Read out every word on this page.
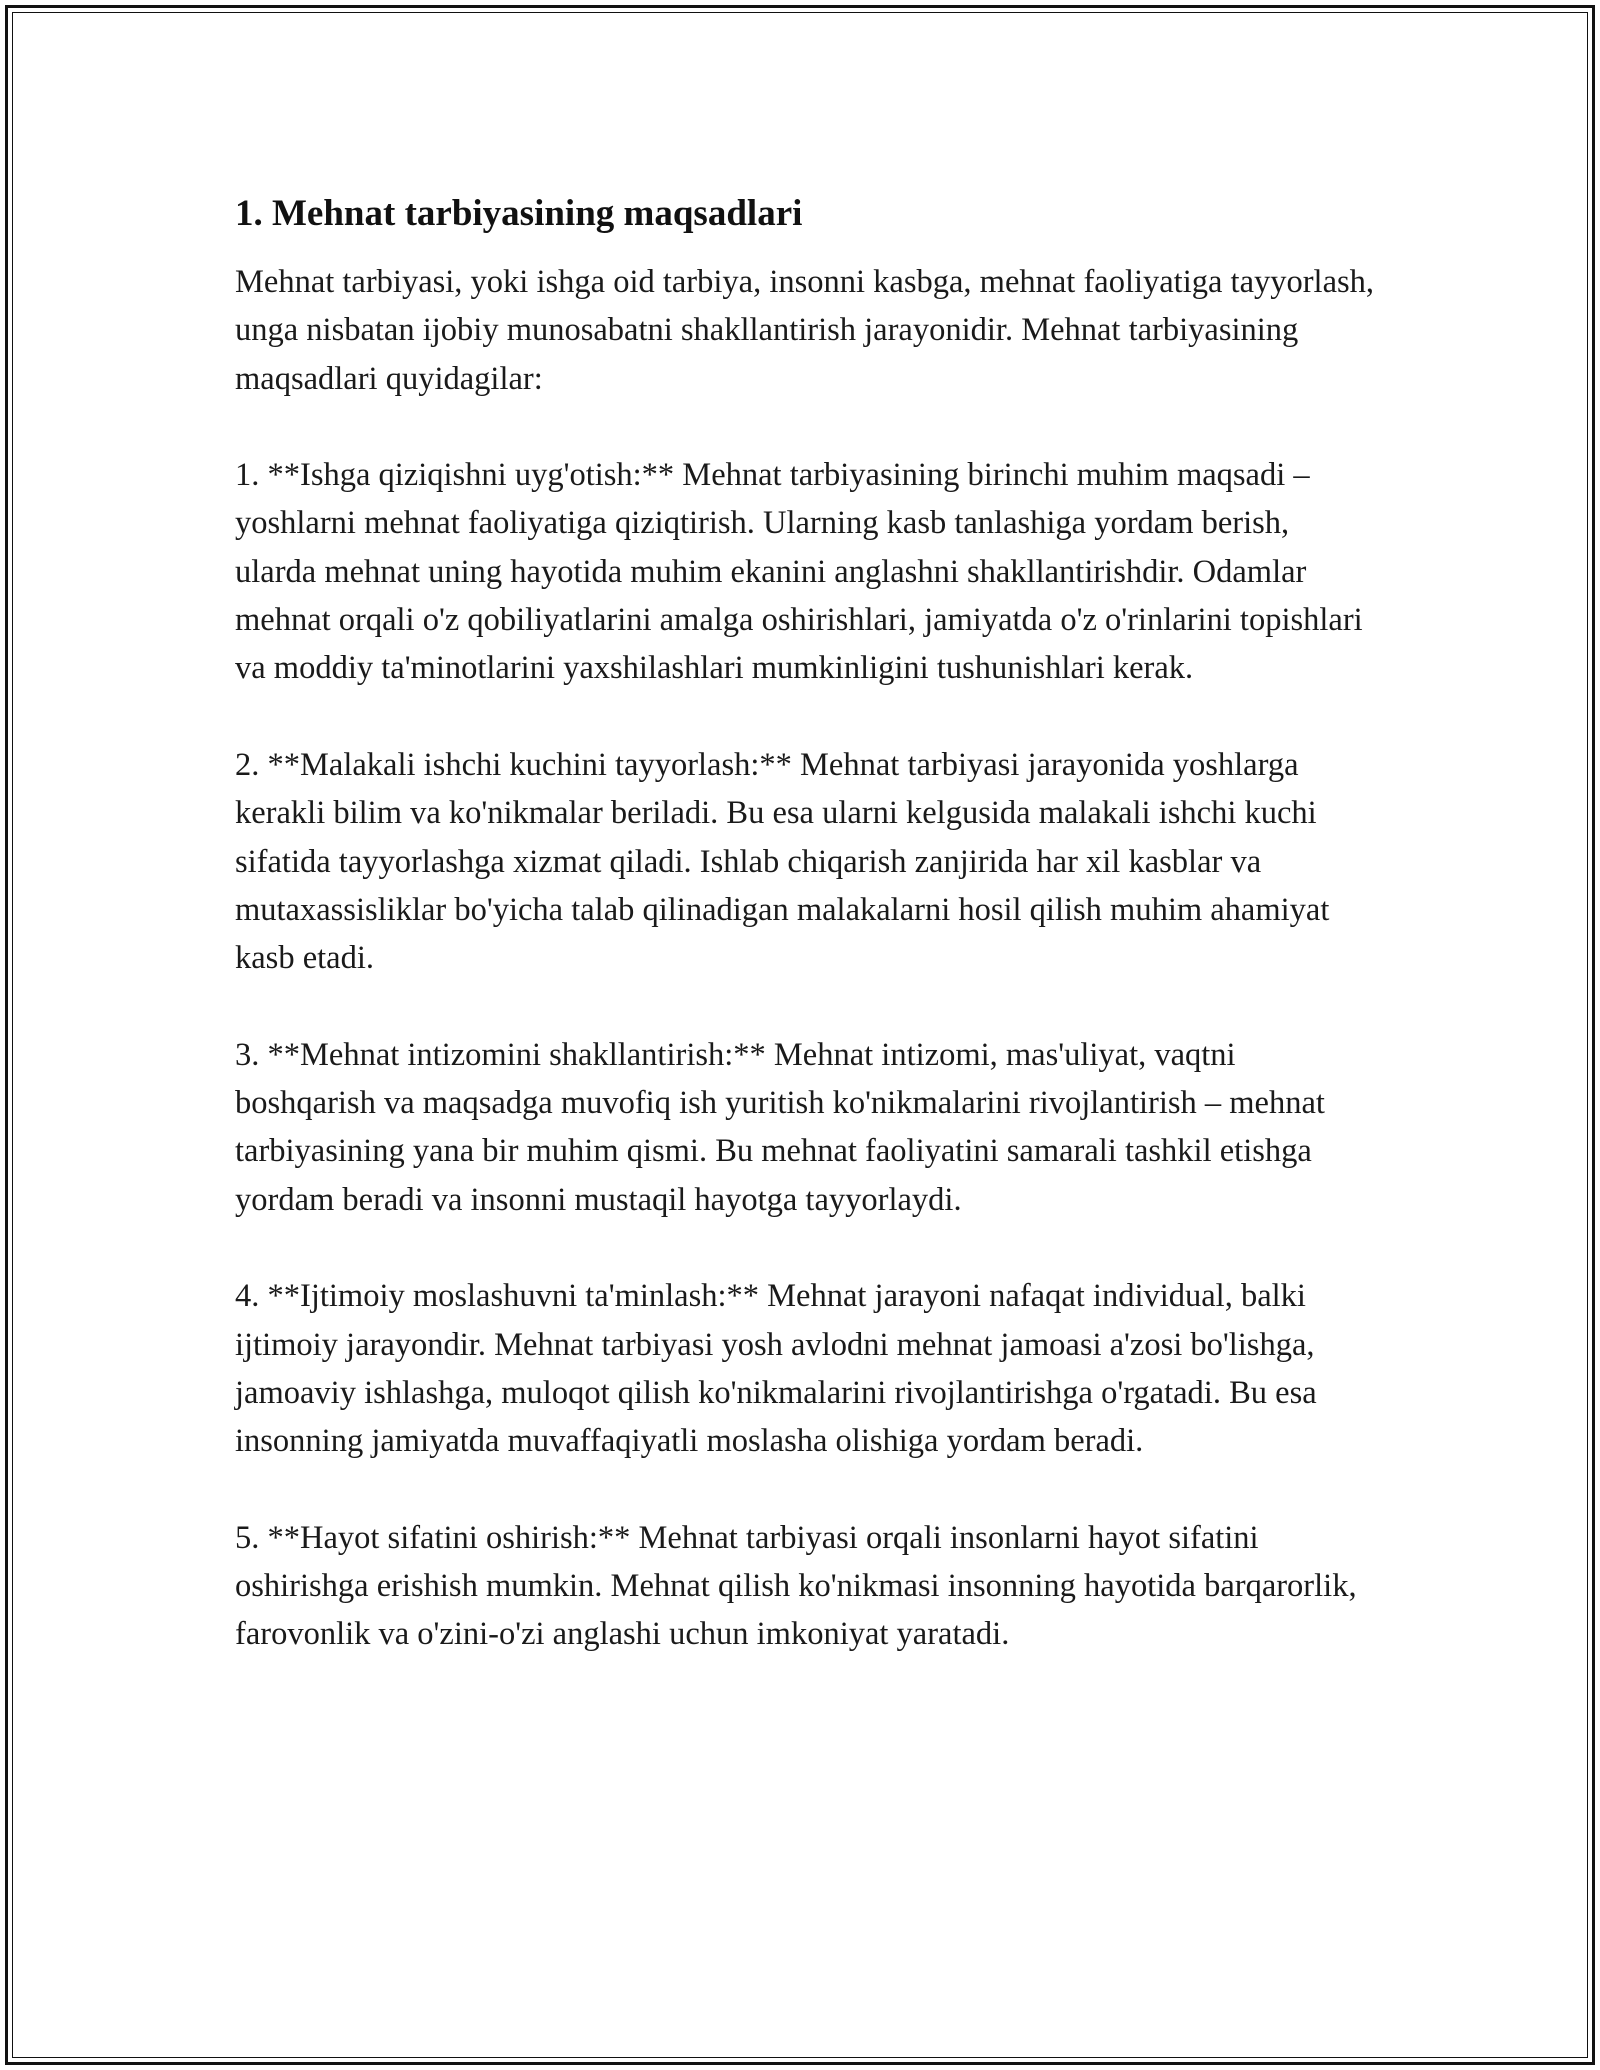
1. Mehnat tarbiyasining maqsadlari

Mehnat tarbiyasi, yoki ishga oid tarbiya, insonni kasbga, mehnat faoliyatiga tayyorlash, unga nisbatan ijobiy munosabatni shakllantirish jarayonidir. Mehnat tarbiyasining maqsadlari quyidagilar:

1. **Ishga qiziqishni uyg'otish:** Mehnat tarbiyasining birinchi muhim maqsadi – yoshlarni mehnat faoliyatiga qiziqtirish. Ularning kasb tanlashiga yordam berish, ularda mehnat uning hayotida muhim ekanini anglashni shakllantirishdir. Odamlar mehnat orqali o'z qobiliyatlarini amalga oshirishlari, jamiyatda o'z o'rinlarini topishlari va moddiy ta'minotlarini yaxshilashlari mumkinligini tushunishlari kerak.

2. **Malakali ishchi kuchini tayyorlash:** Mehnat tarbiyasi jarayonida yoshlarga kerakli bilim va ko'nikmalar beriladi. Bu esa ularni kelgusida malakali ishchi kuchi sifatida tayyorlashga xizmat qiladi. Ishlab chiqarish zanjirida har xil kasblar va mutaxassisliklar bo'yicha talab qilinadigan malakalarni hosil qilish muhim ahamiyat kasb etadi.

3. **Mehnat intizomini shakllantirish:** Mehnat intizomi, mas'uliyat, vaqtni boshqarish va maqsadga muvofiq ish yuritish ko'nikmalarini rivojlantirish – mehnat tarbiyasining yana bir muhim qismi. Bu mehnat faoliyatini samarali tashkil etishga yordam beradi va insonni mustaqil hayotga tayyorlaydi.

4. **Ijtimoiy moslashuvni ta'minlash:** Mehnat jarayoni nafaqat individual, balki ijtimoiy jarayondir. Mehnat tarbiyasi yosh avlodni mehnat jamoasi a'zosi bo'lishga, jamoaviy ishlashga, muloqot qilish ko'nikmalarini rivojlantirishga o'rgatadi. Bu esa insonning jamiyatda muvaffaqiyatli moslasha olishiga yordam beradi.

5. **Hayot sifatini oshirish:** Mehnat tarbiyasi orqali insonlarni hayot sifatini oshirishga erishish mumkin. Mehnat qilish ko'nikmasi insonning hayotida barqarorlik, farovonlik va o'zini-o'zi anglashi uchun imkoniyat yaratadi.
